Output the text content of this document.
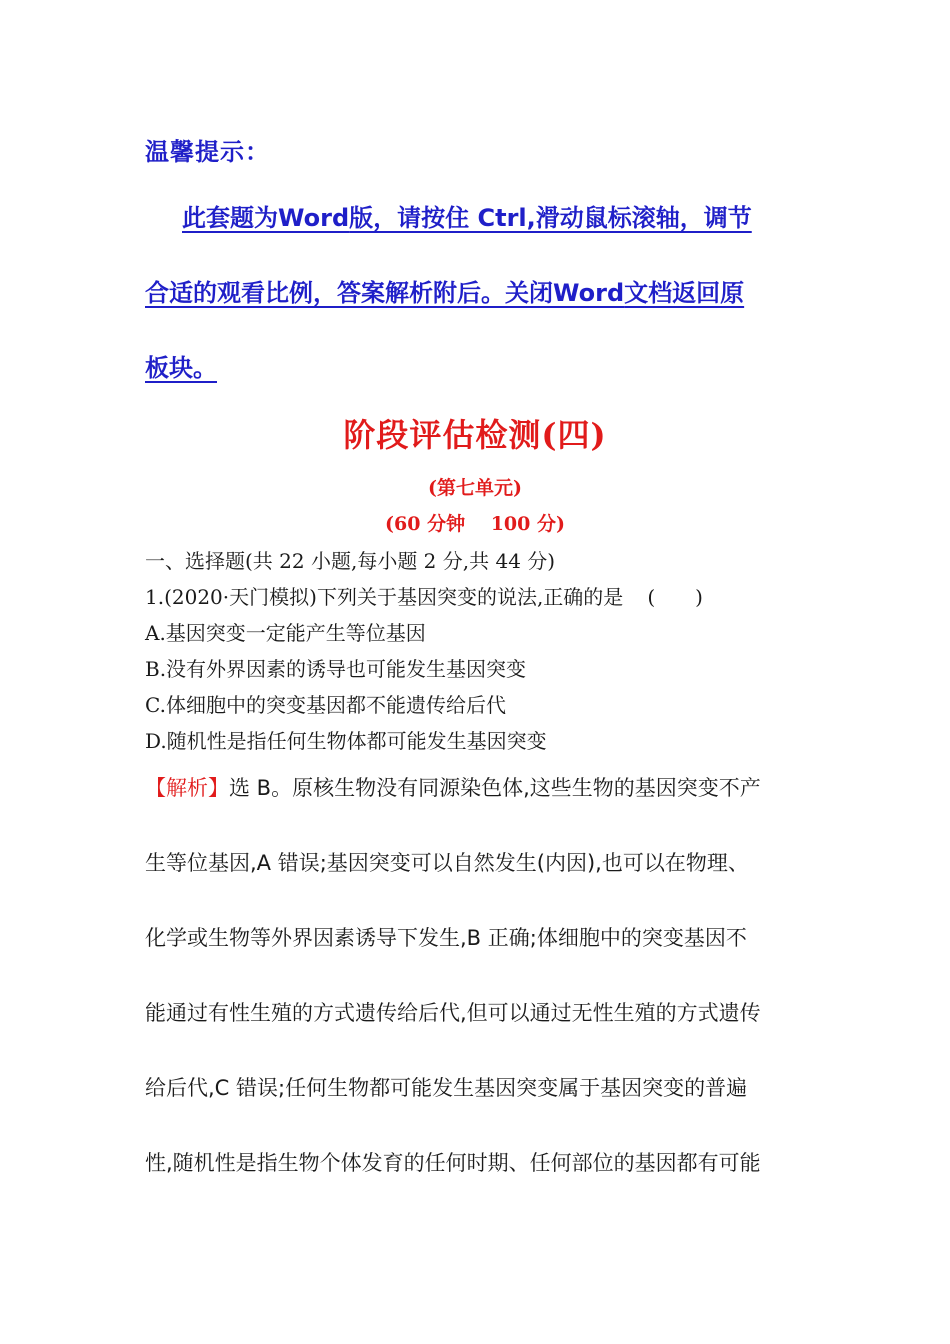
温馨提示：
此套题为Word版，请按住 Ctrl,滑动鼠标滚轴，调节
合适的观看比例，答案解析附后。关闭Word文档返回原
板块。
阶段评估检测(四)
(第七单元)
(60 分钟　 100 分)
一、选择题(共 22 小题,每小题 2 分,共 44 分)
1.(2020·天门模拟)下列关于基因突变的说法,正确的是 (　　)
A.基因突变一定能产生等位基因
B.没有外界因素的诱导也可能发生基因突变
C.体细胞中的突变基因都不能遗传给后代
D.随机性是指任何生物体都可能发生基因突变
【解析】选 B。原核生物没有同源染色体,这些生物的基因突变不产
生等位基因,A 错误;基因突变可以自然发生(内因),也可以在物理、
化学或生物等外界因素诱导下发生,B 正确;体细胞中的突变基因不
能通过有性生殖的方式遗传给后代,但可以通过无性生殖的方式遗传
给后代,C 错误;任何生物都可能发生基因突变属于基因突变的普遍
性,随机性是指生物个体发育的任何时期、任何部位的基因都有可能
